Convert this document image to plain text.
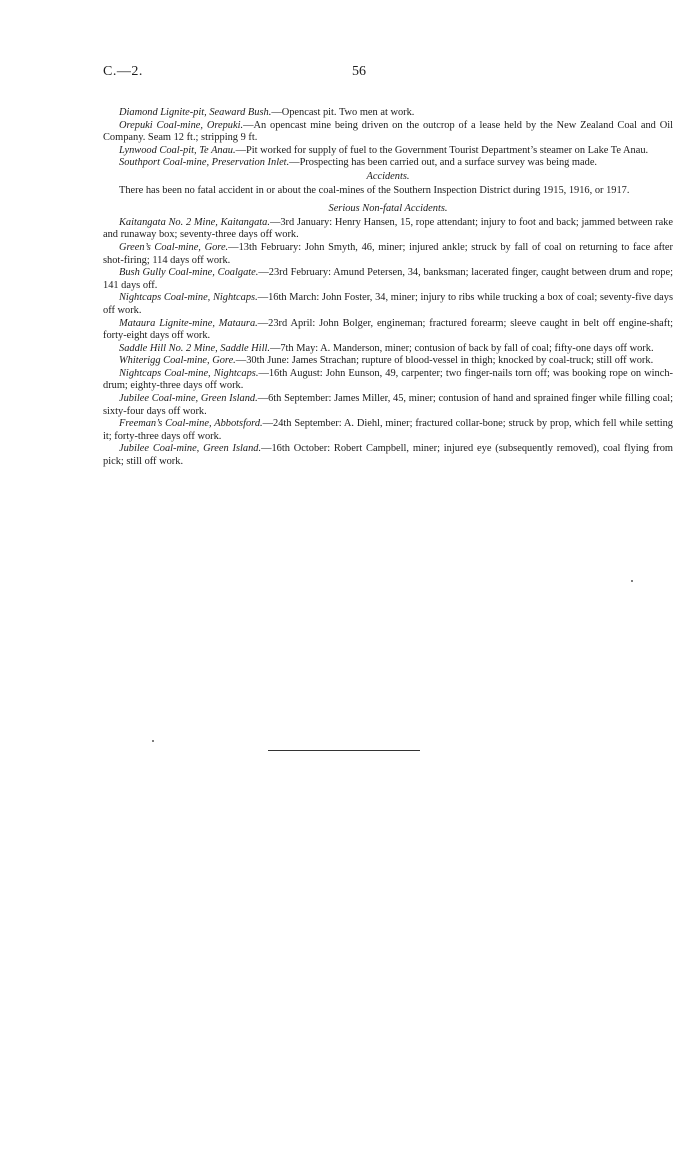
C.—2.	56

Diamond Lignite-pit, Seaward Bush.—Opencast pit. Two men at work.

Orepuki Coal-mine, Orepuki.—An opencast mine being driven on the outcrop of a lease held by the New Zealand Coal and Oil Company. Seam 12 ft.; stripping 9 ft.

Lynwood Coal-pit, Te Anau.—Pit worked for supply of fuel to the Government Tourist Department’s steamer on Lake Te Anau.

Southport Coal-mine, Preservation Inlet.—Prospecting has been carried out, and a surface survey was being made.

Accidents.

There has been no fatal accident in or about the coal-mines of the Southern Inspection District during 1915, 1916, or 1917.

Serious Non-fatal Accidents.

Kaitangata No. 2 Mine, Kaitangata.—3rd January: Henry Hansen, 15, rope attendant; injury to foot and back; jammed between rake and runaway box; seventy-three days off work.

Green’s Coal-mine, Gore.—13th February: John Smyth, 46, miner; injured ankle; struck by fall of coal on returning to face after shot-firing; 114 days off work.

Bush Gully Coal-mine, Coalgate.—23rd February: Amund Petersen, 34, banksman; lacerated finger, caught between drum and rope; 141 days off.

Nightcaps Coal-mine, Nightcaps.—16th March: John Foster, 34, miner; injury to ribs while trucking a box of coal; seventy-five days off work.

Mataura Lignite-mine, Mataura.—23rd April: John Bolger, engineman; fractured forearm; sleeve caught in belt off engine-shaft; forty-eight days off work.

Saddle Hill No. 2 Mine, Saddle Hill.—7th May: A. Manderson, miner; contusion of back by fall of coal; fifty-one days off work.

Whiterigg Coal-mine, Gore.—30th June: James Strachan; rupture of blood-vessel in thigh; knocked by coal-truck; still off work.

Nightcaps Coal-mine, Nightcaps.—16th August: John Eunson, 49, carpenter; two finger-nails torn off; was booking rope on winch-drum; eighty-three days off work.

Jubilee Coal-mine, Green Island.—6th September: James Miller, 45, miner; contusion of hand and sprained finger while filling coal; sixty-four days off work.

Freeman’s Coal-mine, Abbotsford.—24th September: A. Diehl, miner; fractured collar-bone; struck by prop, which fell while setting it; forty-three days off work.

Jubilee Coal-mine, Green Island.—16th October: Robert Campbell, miner; injured eye (subsequently removed), coal flying from pick; still off work.
